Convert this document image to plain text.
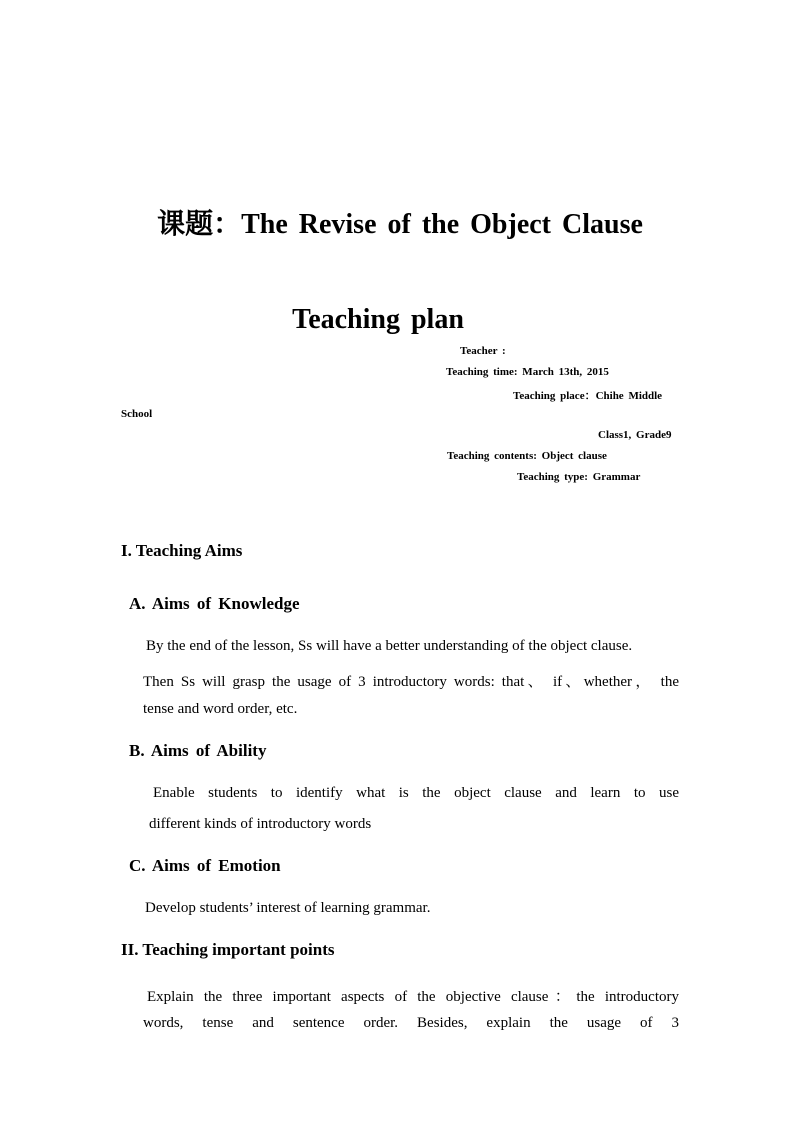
课题：The Revise of the Object Clause
Teaching plan
Teacher :
Teaching time: March 13th, 2015
Teaching place：Chihe Middle
School
Class1, Grade9
Teaching contents: Object clause
Teaching type: Grammar
I. Teaching Aims
A. Aims of Knowledge
By the end of the lesson, Ss will have a better understanding of the object clause.
Then Ss will grasp the usage of 3 introductory words: that、 if、whether， the
tense and word order, etc.
B. Aims of Ability
Enable students to identify what is the object clause and learn to use
different kinds of introductory words
C. Aims of Emotion
Develop students’ interest of learning grammar.
II. Teaching important points
Explain the three important aspects of the objective clause：the introductory
words, tense and sentence order. Besides, explain the usage of 3
